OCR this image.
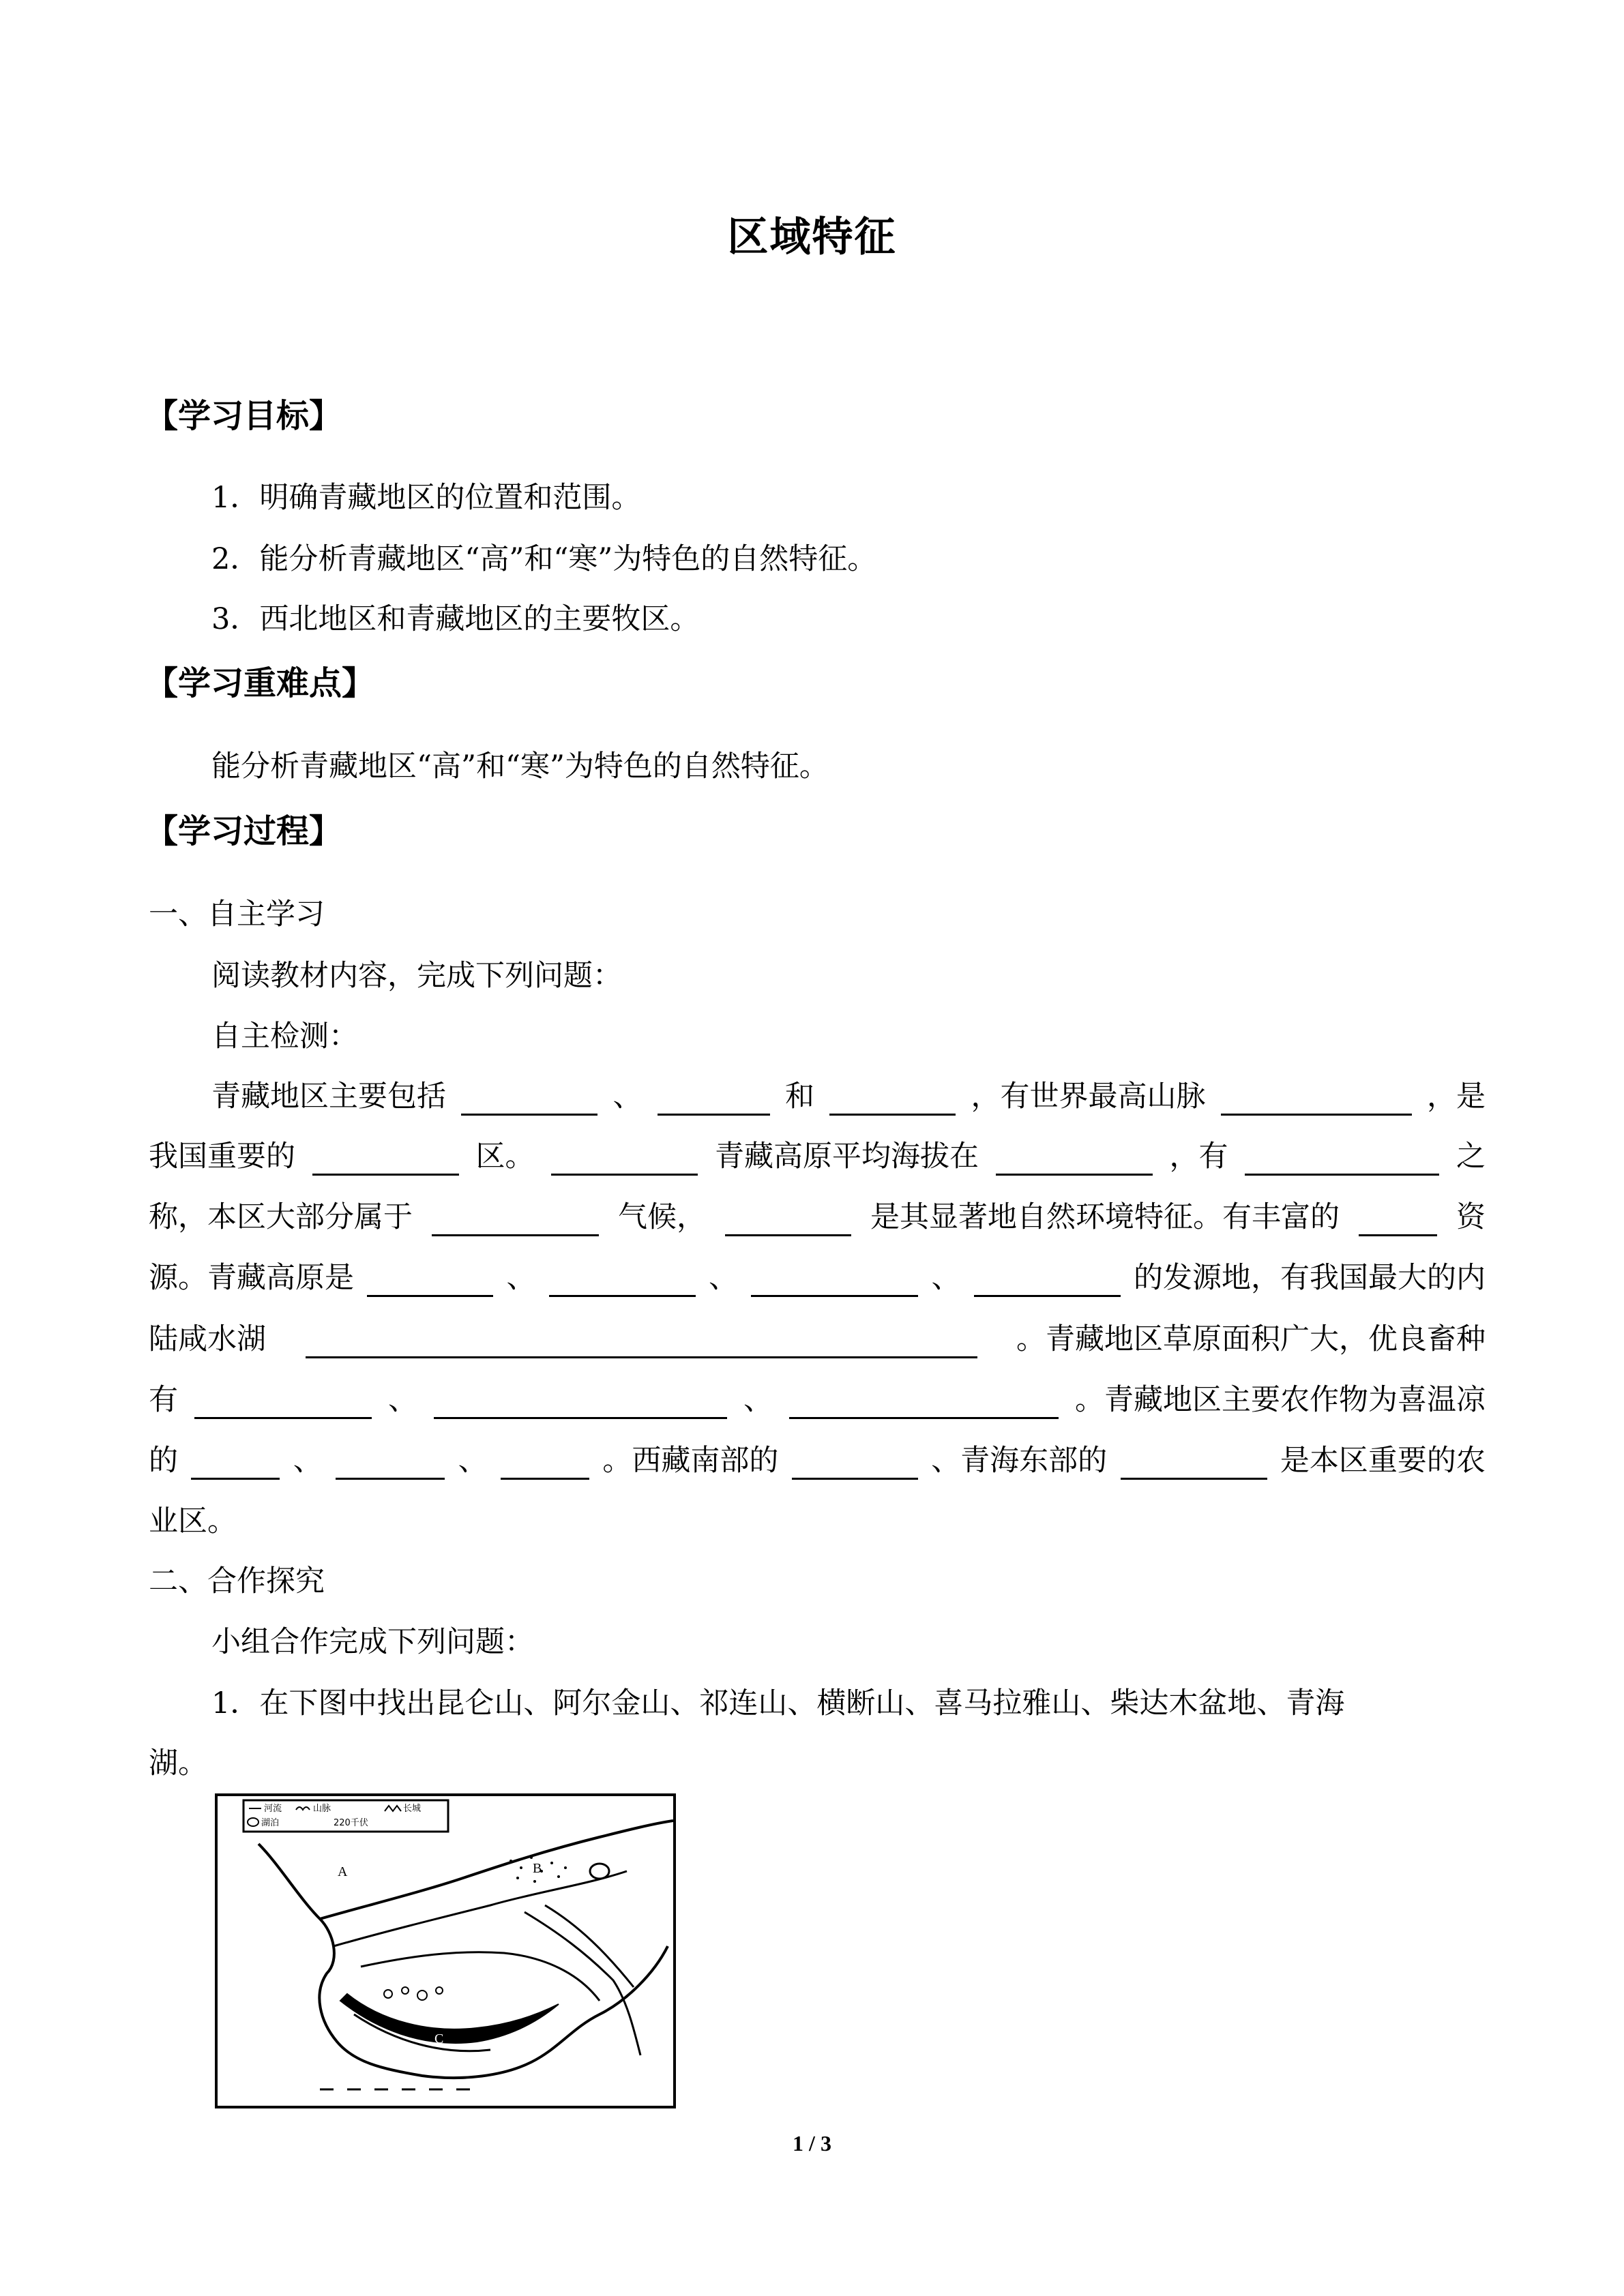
区域特征
【学习目标】
1．明确青藏地区的位置和范围。
2．能分析青藏地区“高”和“寒”为特色的自然特征。
3．西北地区和青藏地区的主要牧区。
【学习重难点】
能分析青藏地区“高”和“寒”为特色的自然特征。
【学习过程】
一、自主学习
阅读教材内容，完成下列问题：
自主检测：
青藏地区主要包括	、	和	，有世界最高山脉	，是
我国重要的	区。	青藏高原平均海拔在	，有	之
称，本区大部分属于	气候，	是其显著地自然环境特征。有丰富的	资
源。青藏高原是	、	、	、	的发源地，有我国最大的内
陆咸水湖	。青藏地区草原面积广大，优良畜种
有	、	、	。青藏地区主要农作物为喜温凉
的	、	、	。西藏南部的	、青海东部的	是本区重要的农
业区。
二、合作探究
小组合作完成下列问题：
1．在下图中找出昆仑山、阿尔金山、祁连山、横断山、喜马拉雅山、柴达木盆地、青海
湖。
河流	山脉	长城
湖泊	220千伏
A	B
C
1 / 3
